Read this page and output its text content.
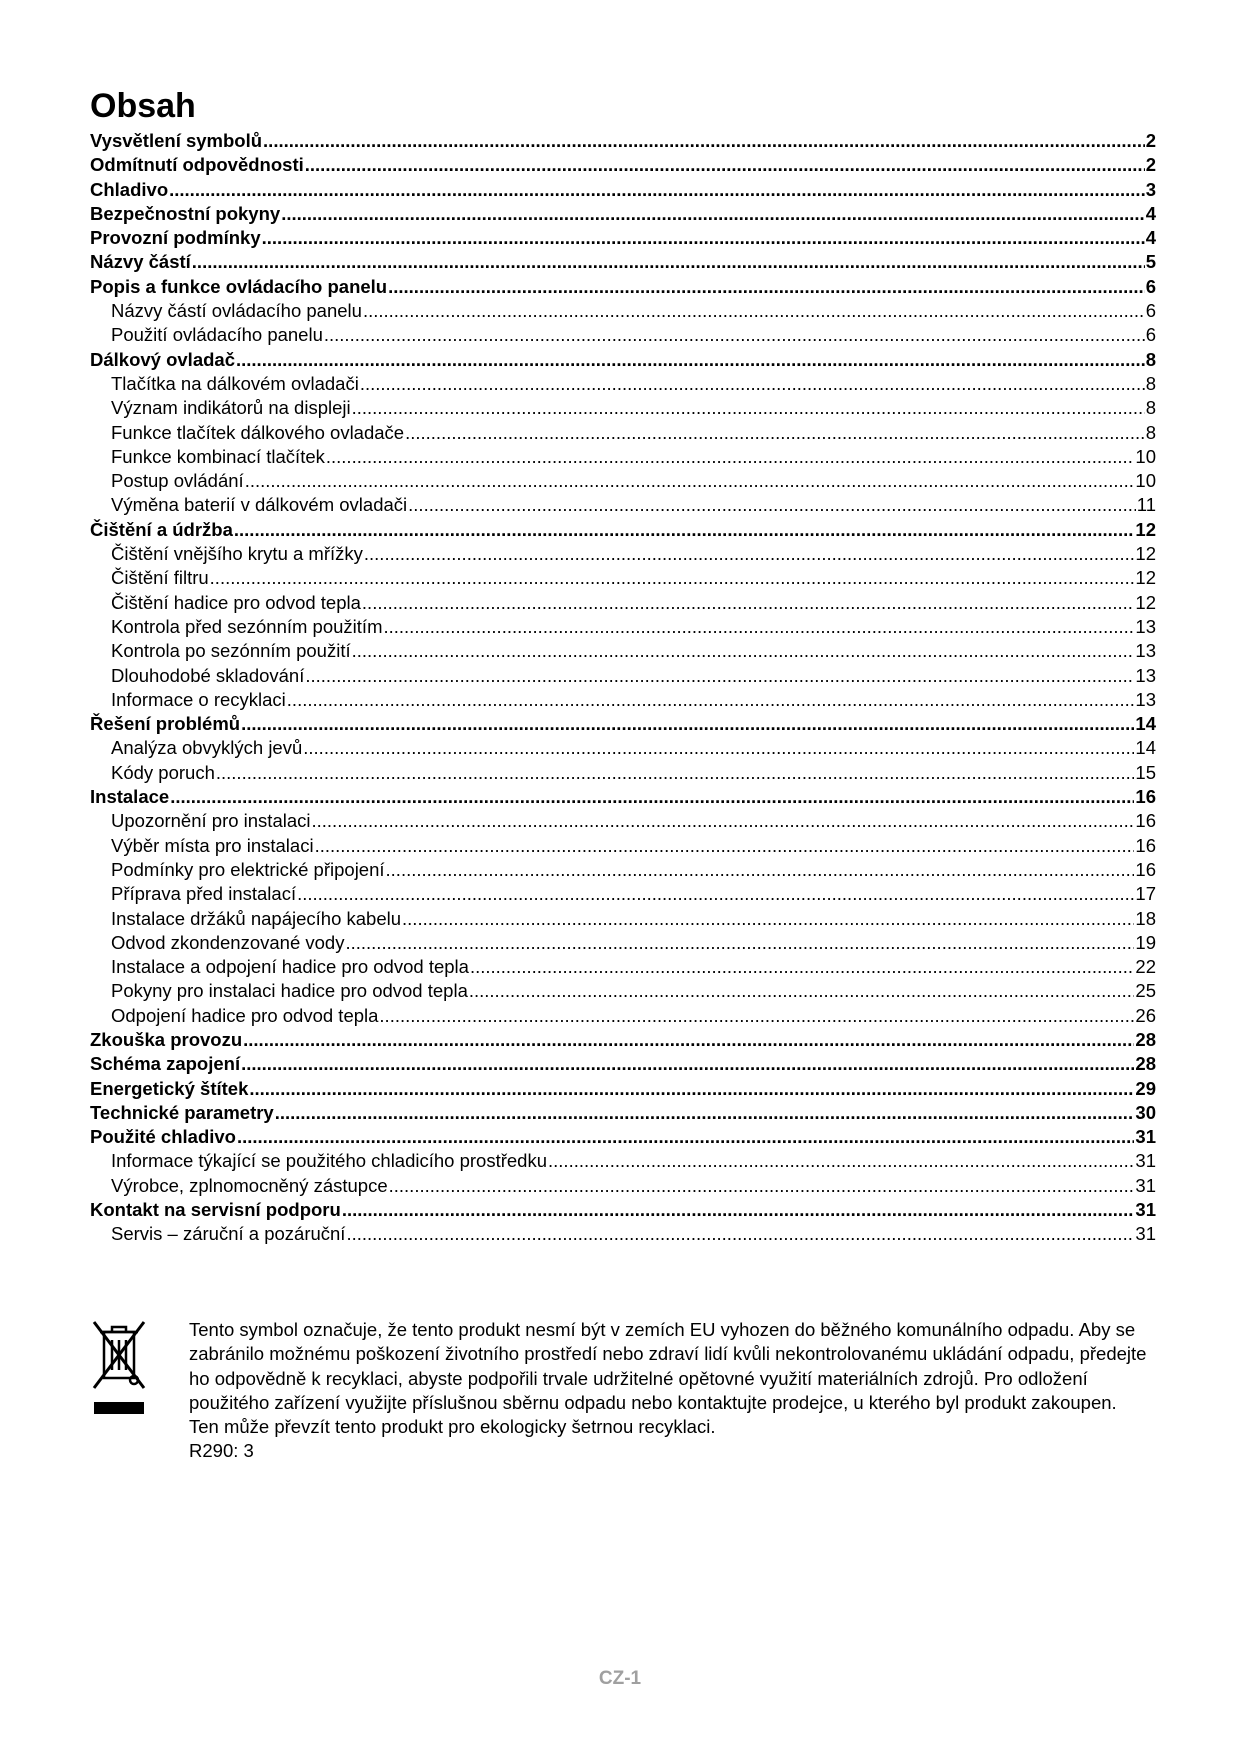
Obsah
Vysvětlení symbolů .....	2
Odmítnutí odpovědnosti .....	2
Chladivo .....	3
Bezpečnostní pokyny .....	4
Provozní podmínky .....	4
Názvy částí .....	5
Popis a funkce ovládacího panelu .....	6
Názvy částí ovládacího panelu .....	6
Použití ovládacího panelu .....	6
Dálkový ovladač .....	8
Tlačítka na dálkovém ovladači .....	8
Význam indikátorů na displeji .....	8
Funkce tlačítek dálkového ovladače .....	8
Funkce kombinací tlačítek .....	10
Postup ovládání .....	10
Výměna baterií v dálkovém ovladači .....	11
Čištění a údržba .....	12
Čištění vnějšího krytu a mřížky .....	12
Čištění filtru .....	12
Čištění hadice pro odvod tepla .....	12
Kontrola před sezónním použitím .....	13
Kontrola po sezónním použití .....	13
Dlouhodobé skladování .....	13
Informace o recyklaci .....	13
Řešení problémů .....	14
Analýza obvyklých jevů .....	14
Kódy poruch .....	15
Instalace .....	16
Upozornění pro instalaci .....	16
Výběr místa pro instalaci .....	16
Podmínky pro elektrické připojení .....	16
Příprava před instalací .....	17
Instalace držáků napájecího kabelu .....	18
Odvod zkondenzované vody .....	19
Instalace a odpojení hadice pro odvod tepla .....	22
Pokyny pro instalaci hadice pro odvod tepla .....	25
Odpojení hadice pro odvod tepla .....	26
Zkouška provozu .....	28
Schéma zapojení .....	28
Energetický štítek .....	29
Technické parametry .....	30
Použité chladivo .....	31
Informace týkající se použitého chladicího prostředku .....	31
Výrobce, zplnomocněný zástupce .....	31
Kontakt na servisní podporu .....	31
Servis – záruční a pozáruční .....	31
Tento symbol označuje, že tento produkt nesmí být v zemích EU vyhozen do běžného komunálního odpadu. Aby se zabránilo možnému poškození životního prostředí nebo zdraví lidí kvůli nekontrolovanému ukládání odpadu, předejte ho odpovědně k recyklaci, abyste podpořili trvale udržitelné opětovné využití materiálních zdrojů. Pro odložení použitého zařízení využijte příslušnou sběrnu odpadu nebo kontaktujte prodejce, u kterého byl produkt zakoupen. Ten může převzít tento produkt pro ekologicky šetrnou recyklaci.
R290: 3
CZ-1
